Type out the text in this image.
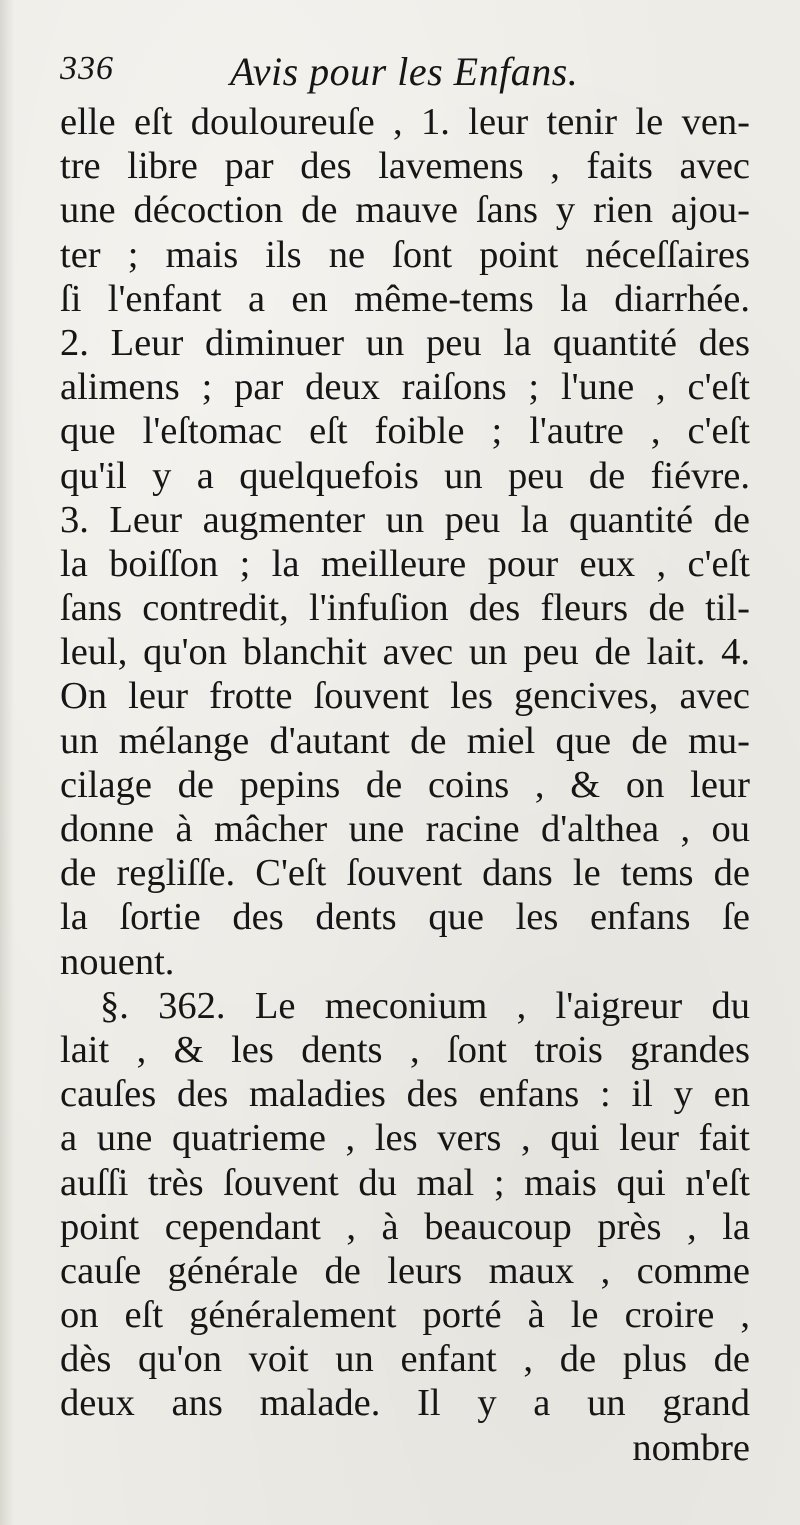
336	Avis pour les Enfans.
elle eſt douloureuſe , 1. leur tenir le ven-
tre libre par des lavemens , faits avec
une décoction de mauve ſans y rien ajou-
ter ; mais ils ne ſont point néceſſaires
ſi l'enfant a en même-tems la diarrhée.
2. Leur diminuer un peu la quantité des
alimens ; par deux raiſons ; l'une , c'eſt
que l'eſtomac eſt foible ; l'autre , c'eſt
qu'il y a quelquefois un peu de fiévre.
3. Leur augmenter un peu la quantité de
la boiſſon ; la meilleure pour eux , c'eſt
ſans contredit, l'infuſion des fleurs de til-
leul, qu'on blanchit avec un peu de lait. 4.
On leur frotte ſouvent les gencives, avec
un mélange d'autant de miel que de mu-
cilage de pepins de coins , & on leur
donne à mâcher une racine d'althea , ou
de regliſſe. C'eſt ſouvent dans le tems de
la ſortie des dents que les enfans ſe
nouent.
§. 362. Le meconium , l'aigreur du
lait , & les dents , ſont trois grandes
cauſes des maladies des enfans : il y en
a une quatrieme , les vers , qui leur fait
auſſi très ſouvent du mal ; mais qui n'eſt
point cependant , à beaucoup près , la
cauſe générale de leurs maux , comme
on eſt généralement porté à le croire ,
dès qu'on voit un enfant , de plus de
deux ans malade. Il y a un grand
nombre
